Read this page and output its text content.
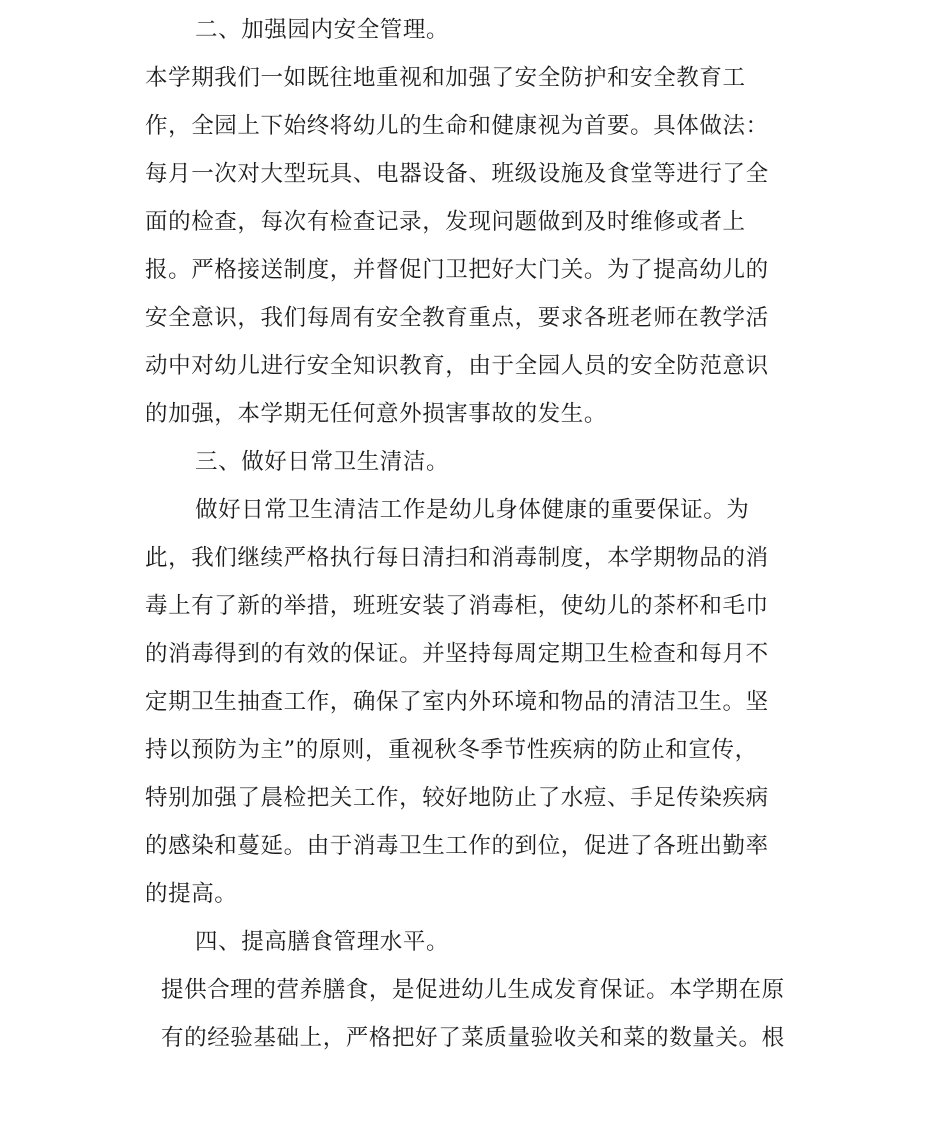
二、加强园内安全管理。
本学期我们一如既往地重视和加强了安全防护和安全教育工
作，全园上下始终将幼儿的生命和健康视为首要。具体做法：
每月一次对大型玩具、电器设备、班级设施及食堂等进行了全
面的检查，每次有检查记录，发现问题做到及时维修或者上
报。严格接送制度，并督促门卫把好大门关。为了提高幼儿的
安全意识，我们每周有安全教育重点，要求各班老师在教学活
动中对幼儿进行安全知识教育，由于全园人员的安全防范意识
的加强，本学期无任何意外损害事故的发生。
三、做好日常卫生清洁。
做好日常卫生清洁工作是幼儿身体健康的重要保证。为
此，我们继续严格执行每日清扫和消毒制度，本学期物品的消
毒上有了新的举措，班班安装了消毒柜，使幼儿的茶杯和毛巾
的消毒得到的有效的保证。并坚持每周定期卫生检查和每月不
定期卫生抽查工作，确保了室内外环境和物品的清洁卫生。坚
持以预防为主”的原则，重视秋冬季节性疾病的防止和宣传，
特别加强了晨检把关工作，较好地防止了水痘、手足传染疾病
的感染和蔓延。由于消毒卫生工作的到位，促进了各班出勤率
的提高。
四、提高膳食管理水平。
提供合理的营养膳食，是促进幼儿生成发育保证。本学期在原
有的经验基础上，严格把好了菜质量验收关和菜的数量关。根
